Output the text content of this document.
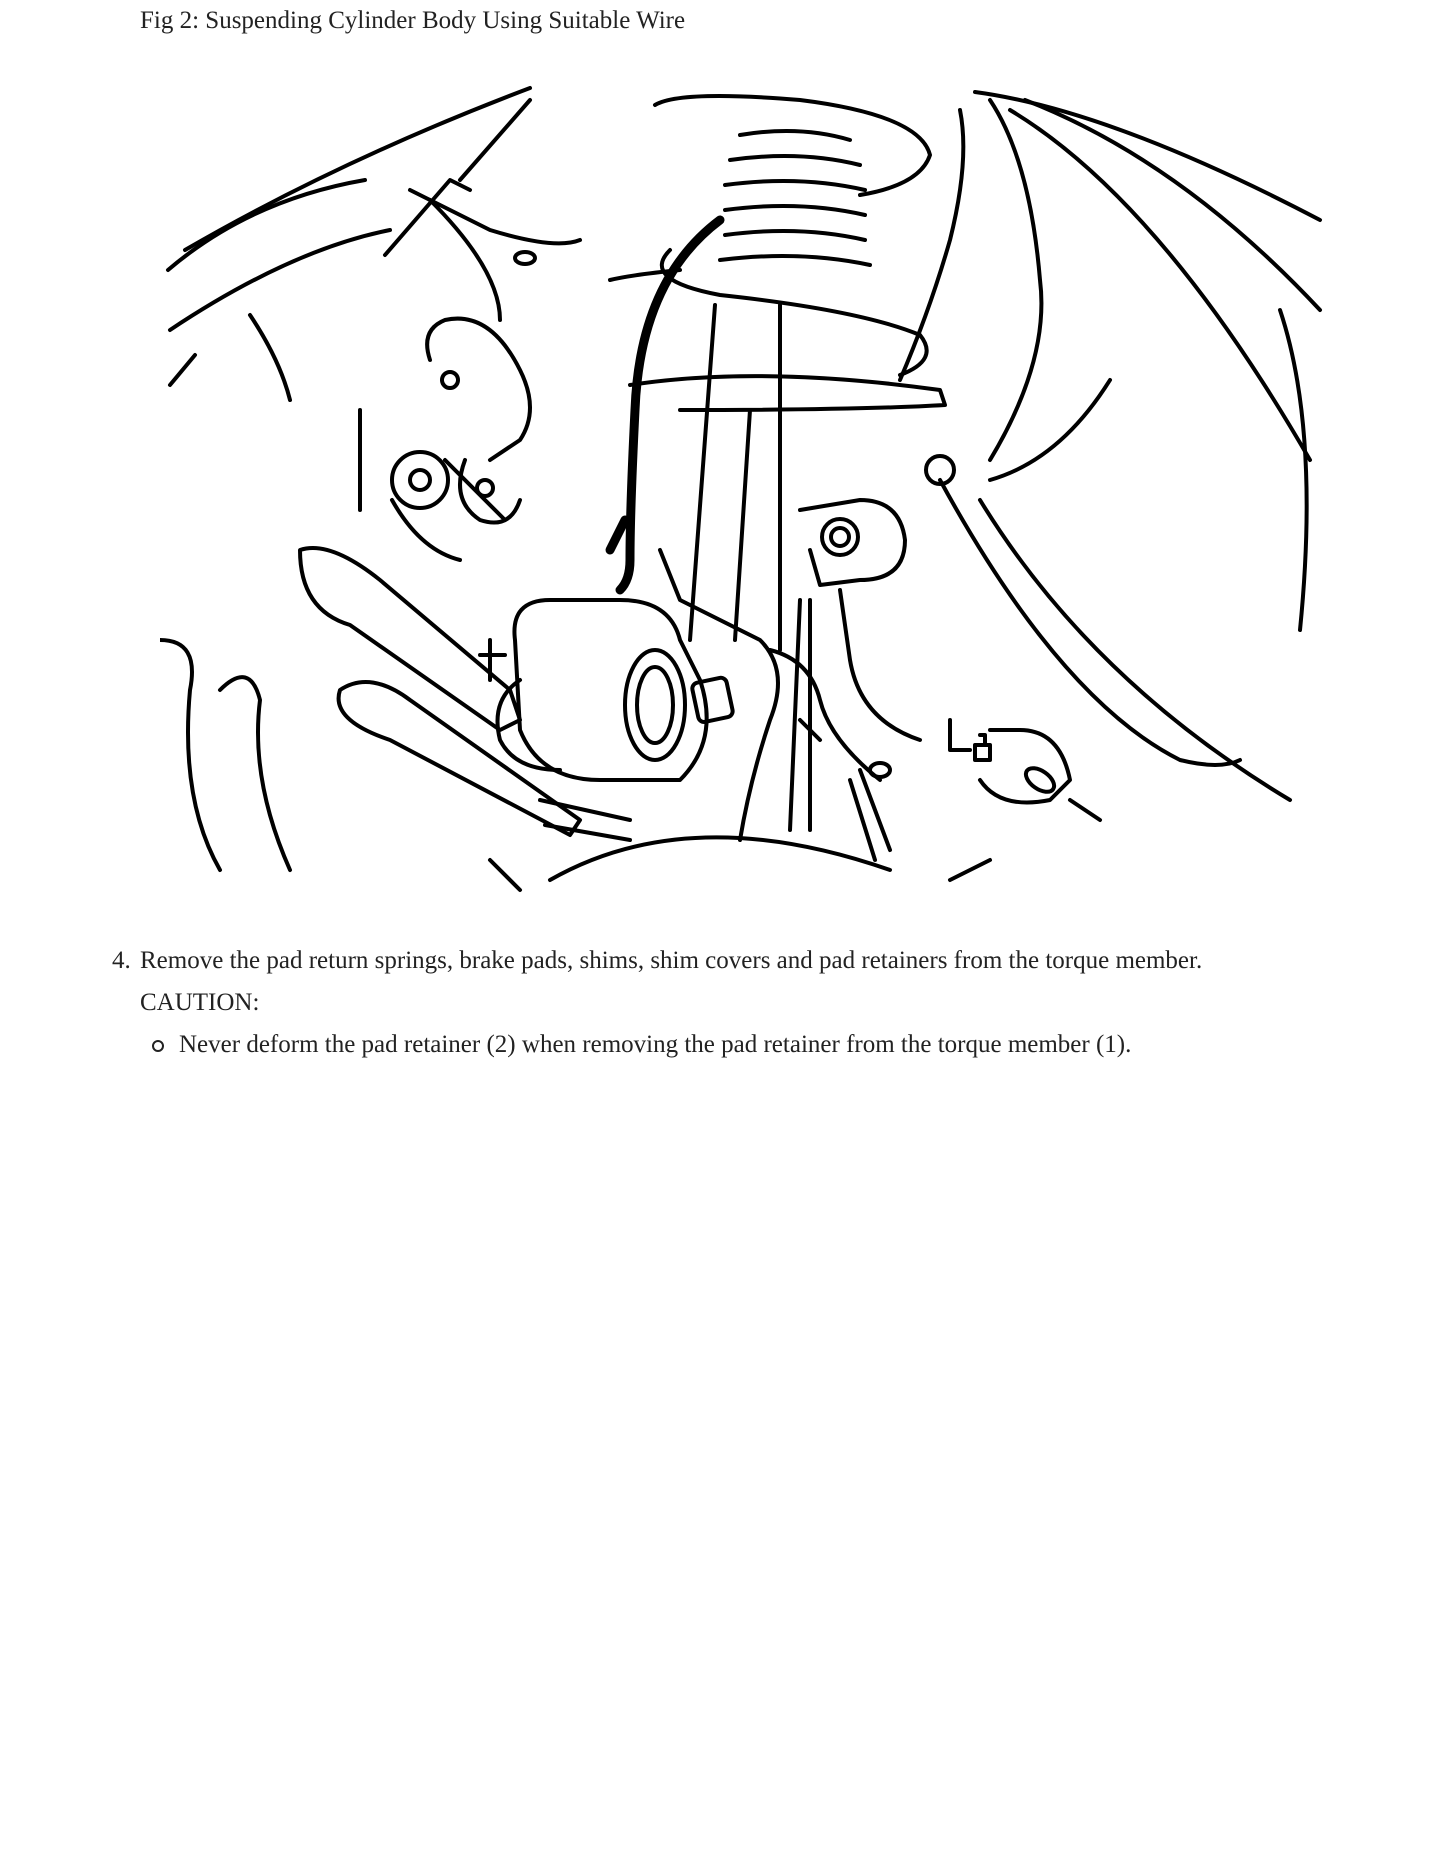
Fig 2: Suspending Cylinder Body Using Suitable Wire

4. Remove the pad return springs, brake pads, shims, shim covers and pad retainers from the torque member.
CAUTION:
Never deform the pad retainer (2) when removing the pad retainer from the torque member (1).
